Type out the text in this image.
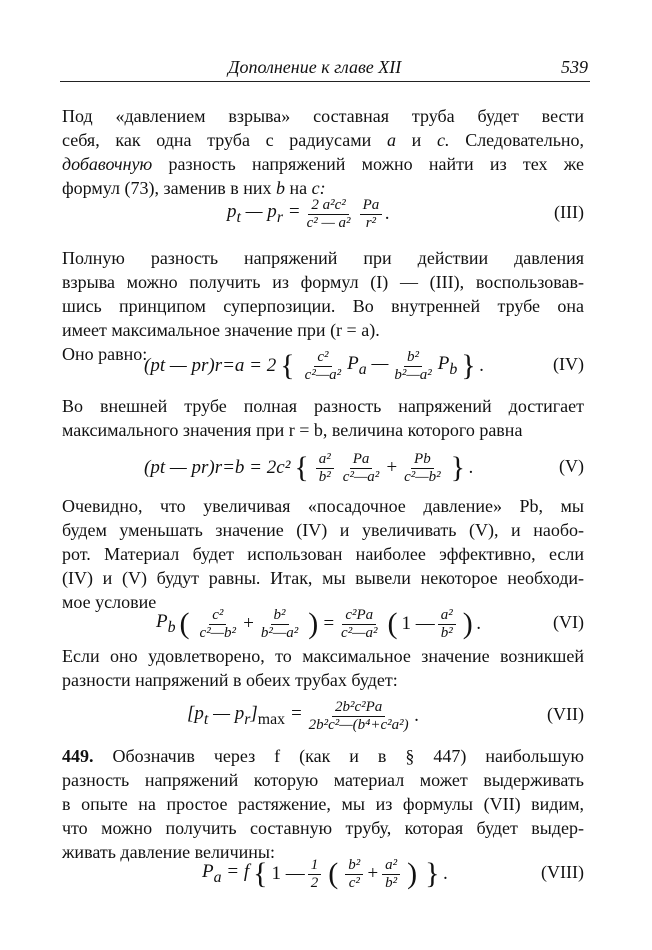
Дополнение к главе XII	539
Под «давлением взрыва» составная труба будет вести
себя, как одна труба с радиусами a и c. Следовательно,
добавочную разность напряжений можно найти из тех же
формул (73), заменив в них b на c:
$p_t$ — $p_r = \frac{\text{2 a²c²}}{\text{c² — a²}} \frac{Pa}{\text{r²}}$ .	(III)
Полную разность напряжений при действии давления
взрыва можно получить из формул (I) — (III), воспользовав-
шись принципом суперпозиции. Во внутренней трубе она
имеет максимальное значение при (r = a).
Оно равно:
(pt — pr)r=a = 2 { $\frac{\text{c²}}{\text{c²—a²}} P_a$ — $\frac{\text{b²}}{\text{b²—a²}} P_b$ } .	(IV)
Во внешней трубе полная разность напряжений достигает
максимального значения при r = b, величина которого равна
(pt — pr)r=b = 2c² { $\frac{\text{a²}}{\text{b²}} \frac{Pa}{\text{c²—a²}} + \frac{Pb}{\text{c²—b²}}$ } .	(V)
Очевидно, что увеличивая «посадочное давление» Pb, мы
будем уменьшать значение (IV) и увеличивать (V), и наобо-
рот. Материал будет использован наиболее эффективно, если
(IV) и (V) будут равны. Итак, мы вывели некоторое необходи-
мое условие
$P_b$ ( $\frac{\text{c²}}{\text{c²—b²}} + \frac{\text{b²}}{\text{b²—a²}}$ ) = $\frac{\text{c²Pa}}{\text{c²—a²}}$ ( 1 — $\frac{\text{a²}}{\text{b²}}$ ) .	(VI)
Если оно удовлетворено, то максимальное значение возникшей
разности напряжений в обеих трубах будет:
[$p_t$ — $p_r]_{max} = \frac{\text{2b²c²Pa}}{\text{2b²c²—(b⁴+c²a²)}}$ .	(VII)
449. Обозначив через f (как и в § 447) наибольшую
разность напряжений которую материал может выдерживать
в опыте на простое растяжение, мы из формулы (VII) видим,
что можно получить составную трубу, которая будет выдер-
живать давление величины:
$P_a = f$ { 1 — $\frac{1}{2}$ ( $\frac{\text{b²}}{\text{c²}} + \frac{\text{a²}}{\text{b²}}$ ) } .	(VIII)
